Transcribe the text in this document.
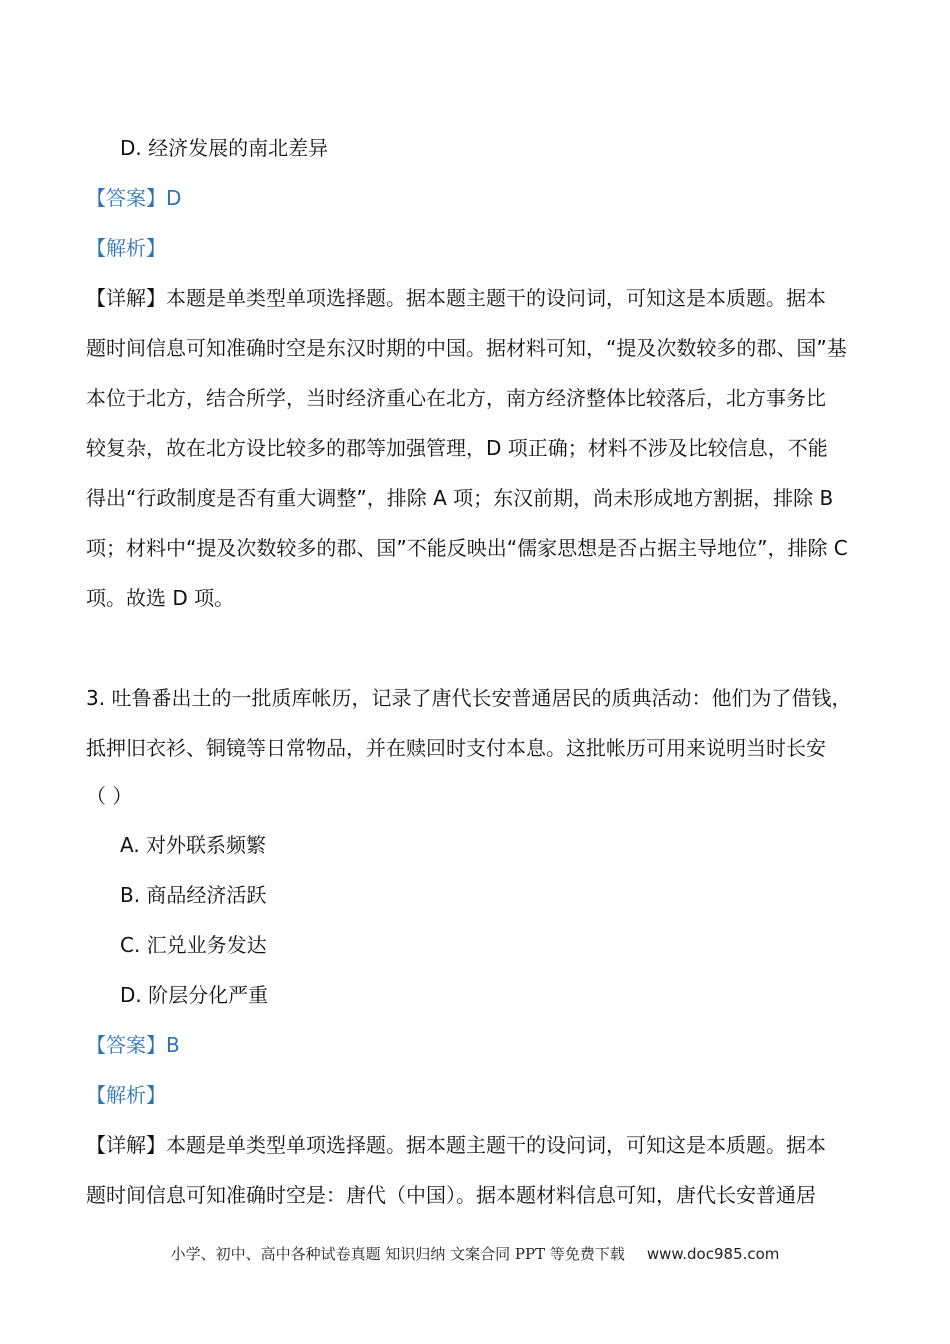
D. 经济发展的南北差异
【答案】D
【解析】
【详解】本题是单类型单项选择题。据本题主题干的设问词，可知这是本质题。据本
题时间信息可知准确时空是东汉时期的中国。据材料可知，“提及次数较多的郡、国”基
本位于北方，结合所学，当时经济重心在北方，南方经济整体比较落后，北方事务比
较复杂，故在北方设比较多的郡等加强管理，D 项正确；材料不涉及比较信息，不能
得出“行政制度是否有重大调整”，排除 A 项；东汉前期，尚未形成地方割据，排除 B
项；材料中“提及次数较多的郡、国”不能反映出“儒家思想是否占据主导地位”，排除 C
项。故选 D 项。
3. 吐鲁番出土的一批质库帐历，记录了唐代长安普通居民的质典活动：他们为了借钱，
抵押旧衣衫、铜镜等日常物品，并在赎回时支付本息。这批帐历可用来说明当时长安
（ ）
A. 对外联系频繁
B. 商品经济活跃
C. 汇兑业务发达
D. 阶层分化严重
【答案】B
【解析】
【详解】本题是单类型单项选择题。据本题主题干的设问词，可知这是本质题。据本
题时间信息可知准确时空是：唐代（中国）。据本题材料信息可知，唐代长安普通居
小学、初中、高中各种试卷真题 知识归纳 文案合同 PPT 等免费下载 www.doc985.com
